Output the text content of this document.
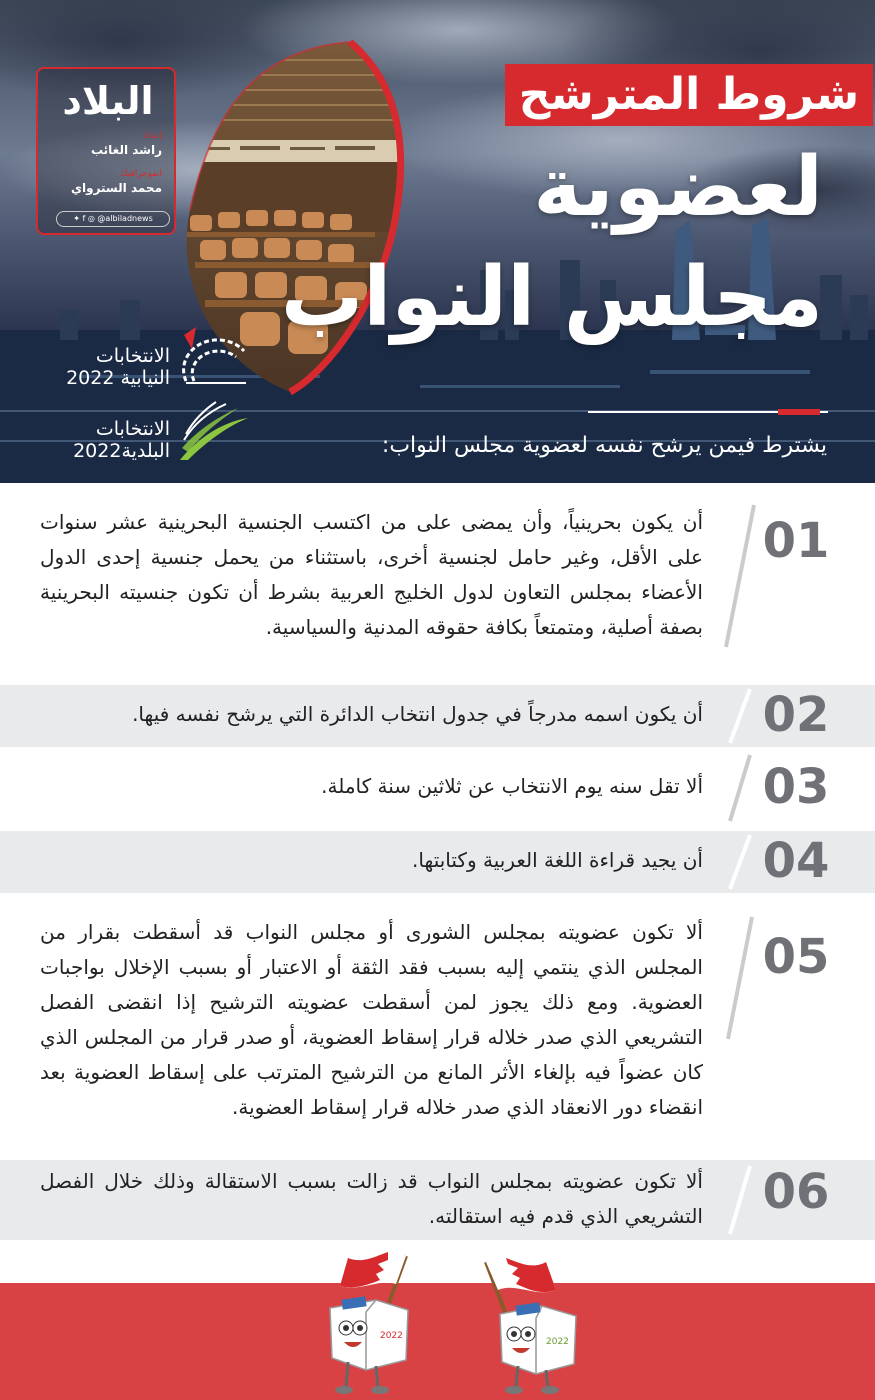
البلاد
إعداد
راشد الغائب
انفوجرافيك
محمد السترواي
✦ f ◎ @albiladnews
شروط المترشح
لعضوية
مجلس النواب
الانتخابات
النيابية 2022
الانتخابات
البلدية2022	يشترط فيمن يرشح نفسه لعضوية مجلس النواب:
01
أن يكون بحرينياً، وأن يمضى على من اكتسب الجنسية البحرينية عشر سنوات على الأقل، وغير حامل لجنسية أخرى، باستثناء من يحمل جنسية إحدى الدول الأعضاء بمجلس التعاون لدول الخليج العربية بشرط أن تكون جنسيته البحرينية بصفة أصلية، ومتمتعاً بكافة حقوقه المدنية والسياسية.
02
أن يكون اسمه مدرجاً في جدول انتخاب الدائرة التي يرشح نفسه فيها.
03
ألا تقل سنه يوم الانتخاب عن ثلاثين سنة كاملة.
04
أن يجيد قراءة اللغة العربية وكتابتها.
05
ألا تكون عضويته بمجلس الشورى أو مجلس النواب قد أسقطت بقرار من المجلس الذي ينتمي إليه بسبب فقد الثقة أو الاعتبار أو بسبب الإخلال بواجبات العضوية. ومع ذلك يجوز لمن أسقطت عضويته الترشيح إذا انقضى الفصل التشريعي الذي صدر خلاله قرار إسقاط العضوية، أو صدر قرار من المجلس الذي كان عضواً فيه بإلغاء الأثر المانع من الترشيح المترتب على إسقاط العضوية بعد انقضاء دور الانعقاد الذي صدر خلاله قرار إسقاط العضوية.
06
ألا تكون عضويته بمجلس النواب قد زالت بسبب الاستقالة وذلك خلال الفصل التشريعي الذي قدم فيه استقالته.
2022
2022
